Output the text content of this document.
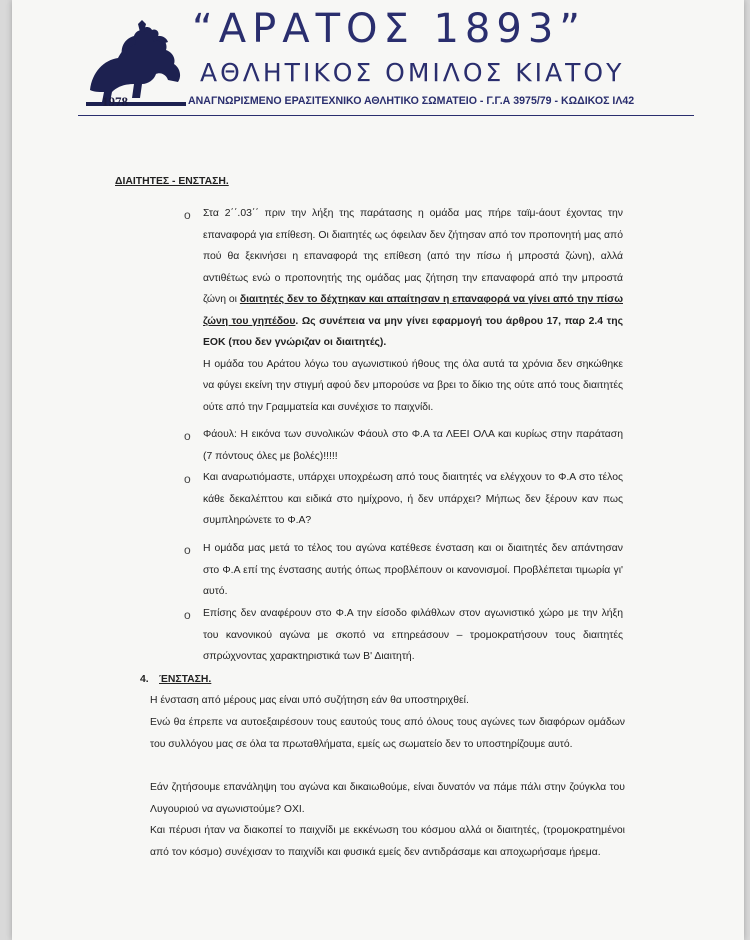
1978
“ΑΡΑΤΟΣ 1893”
ΑΘΛΗΤΙΚΟΣ ΟΜΙΛΟΣ ΚΙΑΤΟΥ
ΑΝΑΓΝΩΡΙΣΜΕΝΟ ΕΡΑΣΙΤΕΧΝΙΚΟ ΑΘΛΗΤΙΚΟ ΣΩΜΑΤΕΙΟ - Γ.Γ.Α 3975/79 - ΚΩΔΙΚΟΣ ΙΛ42
ΔΙΑΙΤΗΤΕΣ - ΕΝΣΤΑΣΗ.
o Στα 2΄΄.03΄΄ πριν την λήξη της παράτασης η ομάδα μας πήρε ταϊμ-άουτ έχοντας την επαναφορά για επίθεση. Οι διαιτητές ως όφειλαν δεν ζήτησαν από τον προπονητή μας από πού θα ξεκινήσει η επαναφορά της επίθεση (από την πίσω ή μπροστά ζώνη), αλλά αντιθέτως ενώ ο προπονητής της ομάδας μας ζήτηση την επαναφορά από την μπροστά ζώνη οι διαιτητές δεν το δέχτηκαν και απαίτησαν η επαναφορά να γίνει από την πίσω ζώνη του γηπέδου. Ως συνέπεια να μην γίνει εφαρμογή του άρθρου 17, παρ 2.4 της ΕΟΚ (που δεν γνώριζαν οι διαιτητές).
Η ομάδα του Αράτου λόγω του αγωνιστικού ήθους της όλα αυτά τα χρόνια δεν σηκώθηκε να φύγει εκείνη την στιγμή αφού δεν μπορούσε να βρει το δίκιο της ούτε από τους διαιτητές ούτε από την Γραμματεία και συνέχισε το παιχνίδι.
o Φάουλ: Η εικόνα των συνολικών Φάουλ στο Φ.Α τα ΛΕΕΙ ΟΛΑ και κυρίως στην παράταση (7 πόντους όλες με βολές)!!!!!
o Και αναρωτιόμαστε, υπάρχει υποχρέωση από τους διαιτητές να ελέγχουν το Φ.Α στο τέλος κάθε δεκαλέπτου και ειδικά στο ημίχρονο, ή δεν υπάρχει? Μήπως δεν ξέρουν καν πως συμπληρώνετε το Φ.Α?
o Η ομάδα μας μετά το τέλος του αγώνα κατέθεσε ένσταση και οι διαιτητές δεν απάντησαν στο Φ.Α επί της ένστασης αυτής όπως προβλέπουν οι κανονισμοί. Προβλέπεται τιμωρία γι' αυτό.
o Επίσης δεν αναφέρουν στο Φ.Α την είσοδο φιλάθλων στον αγωνιστικό χώρο με την λήξη του κανονικού αγώνα με σκοπό να επηρεάσουν – τρομοκρατήσουν τους διαιτητές σπρώχνοντας χαρακτηριστικά των Β' Διαιτητή.
4. ΈΝΣΤΑΣΗ.
Η ένσταση από μέρους μας είναι υπό συζήτηση εάν θα υποστηριχθεί.
Ενώ θα έπρεπε να αυτοεξαιρέσουν τους εαυτούς τους από όλους τους αγώνες των διαφόρων ομάδων του συλλόγου μας σε όλα τα πρωταθλήματα, εμείς ως σωματείο δεν το υποστηρίζουμε αυτό.
Εάν ζητήσουμε επανάληψη του αγώνα και δικαιωθούμε, είναι δυνατόν να πάμε πάλι στην ζούγκλα του Λυγουριού να αγωνιστούμε? ΟΧΙ.
Και πέρυσι ήταν να διακοπεί το παιχνίδι με εκκένωση του κόσμου αλλά οι διαιτητές, (τρομοκρατημένοι από τον κόσμο) συνέχισαν το παιχνίδι και φυσικά εμείς δεν αντιδράσαμε και αποχωρήσαμε ήρεμα.
